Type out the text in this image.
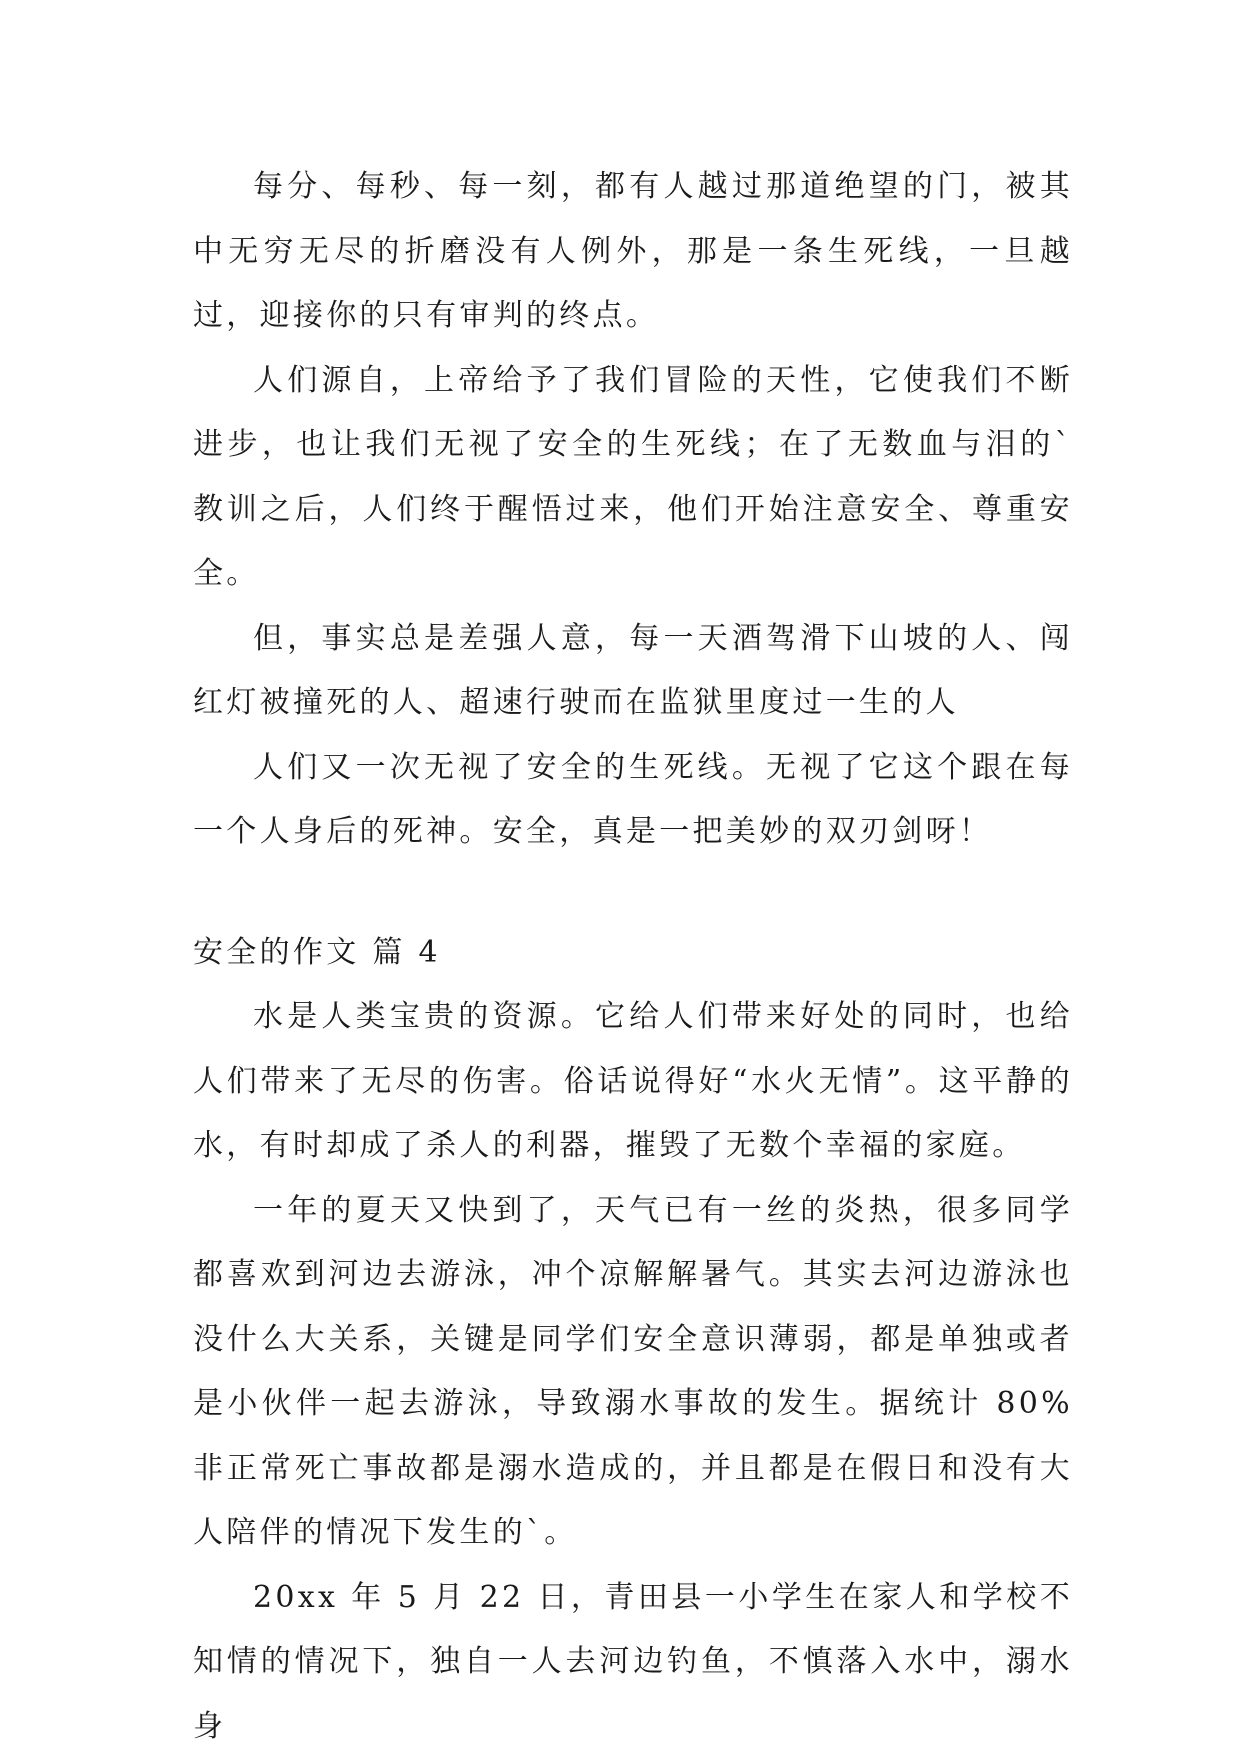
每分、每秒、每一刻，都有人越过那道绝望的门，被其中无穷无尽的折磨没有人例外，那是一条生死线，一旦越过，迎接你的只有审判的终点。

人们源自，上帝给予了我们冒险的天性，它使我们不断进步，也让我们无视了安全的生死线；在了无数血与泪的`教训之后，人们终于醒悟过来，他们开始注意安全、尊重安全。

但，事实总是差强人意，每一天酒驾滑下山坡的人、闯红灯被撞死的人、超速行驶而在监狱里度过一生的人

人们又一次无视了安全的生死线。无视了它这个跟在每一个人身后的死神。安全，真是一把美妙的双刃剑呀！

安全的作文 篇 4

水是人类宝贵的资源。它给人们带来好处的同时，也给人们带来了无尽的伤害。俗话说得好“水火无情”。这平静的水，有时却成了杀人的利器，摧毁了无数个幸福的家庭。

一年的夏天又快到了，天气已有一丝的炎热，很多同学都喜欢到河边去游泳，冲个凉解解暑气。其实去河边游泳也没什么大关系，关键是同学们安全意识薄弱，都是单独或者是小伙伴一起去游泳，导致溺水事故的发生。据统计 80%非正常死亡事故都是溺水造成的，并且都是在假日和没有大人陪伴的情况下发生的`。

20xx 年 5 月 22 日，青田县一小学生在家人和学校不知情的情况下，独自一人去河边钓鱼，不慎落入水中，溺水身
